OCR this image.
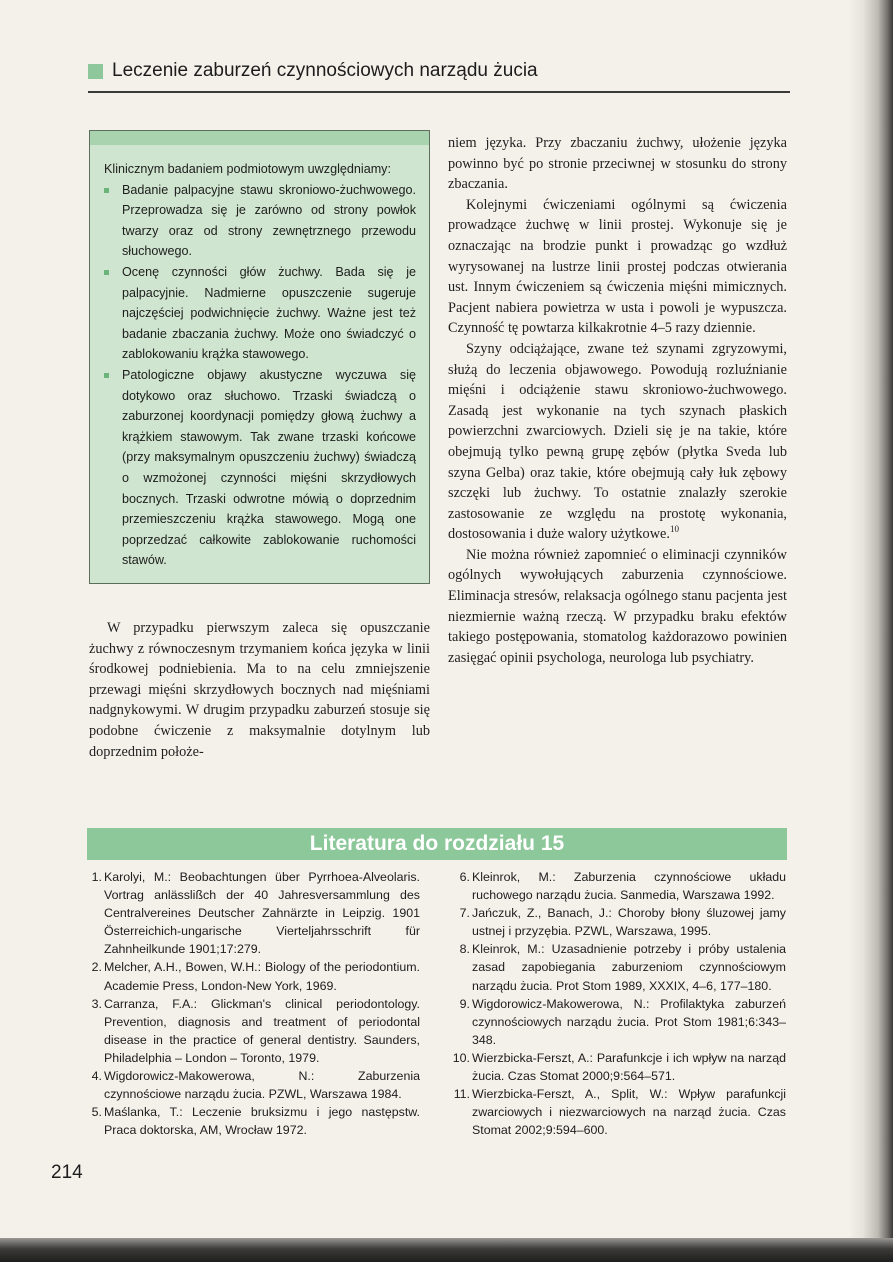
Leczenie zaburzeń czynnościowych narządu żucia

Klinicznym badaniem podmiotowym uwzględniamy:

Badanie palpacyjne stawu skroniowo-żuchwowego. Przeprowadza się je zarówno od strony powłok twarzy oraz od strony zewnętrznego przewodu słuchowego.
Ocenę czynności głów żuchwy. Bada się je palpacyjnie. Nadmierne opuszczenie sugeruje najczęściej podwichnięcie żuchwy. Ważne jest też badanie zbaczania żuchwy. Może ono świadczyć o zablokowaniu krążka stawowego.
Patologiczne objawy akustyczne wyczuwa się dotykowo oraz słuchowo. Trzaski świadczą o zaburzonej koordynacji pomiędzy głową żuchwy a krążkiem stawowym. Tak zwane trzaski końcowe (przy maksymalnym opuszczeniu żuchwy) świadczą o wzmożonej czynności mięśni skrzydłowych bocznych. Trzaski odwrotne mówią o doprzednim przemieszczeniu krążka stawowego. Mogą one poprzedzać całkowite zablokowanie ruchomości stawów.

W przypadku pierwszym zaleca się opuszczanie żuchwy z równoczesnym trzymaniem końca języka w linii środkowej podniebienia. Ma to na celu zmniejszenie przewagi mięśni skrzydłowych bocznych nad mięśniami nadgnykowymi. W drugim przypadku zaburzeń stosuje się podobne ćwiczenie z maksymalnie dotylnym lub doprzednim położe-

niem języka. Przy zbaczaniu żuchwy, ułożenie języka powinno być po stronie przeciwnej w stosunku do strony zbaczania.

Kolejnymi ćwiczeniami ogólnymi są ćwiczenia prowadzące żuchwę w linii prostej. Wykonuje się je oznaczając na brodzie punkt i prowadząc go wzdłuż wyrysowanej na lustrze linii prostej podczas otwierania ust. Innym ćwiczeniem są ćwiczenia mięśni mimicznych. Pacjent nabiera powietrza w usta i powoli je wypuszcza. Czynność tę powtarza kilkakrotnie 4–5 razy dziennie.

Szyny odciążające, zwane też szynami zgryzowymi, służą do leczenia objawowego. Powodują rozluźnianie mięśni i odciążenie stawu skroniowo-żuchwowego. Zasadą jest wykonanie na tych szynach płaskich powierzchni zwarciowych. Dzieli się je na takie, które obejmują tylko pewną grupę zębów (płytka Sveda lub szyna Gelba) oraz takie, które obejmują cały łuk zębowy szczęki lub żuchwy. To ostatnie znalazły szerokie zastosowanie ze względu na prostotę wykonania, dostosowania i duże walory użytkowe.$^{10}$

Nie można również zapomnieć o eliminacji czynników ogólnych wywołujących zaburzenia czynnościowe. Eliminacja stresów, relaksacja ogólnego stanu pacjenta jest niezmiernie ważną rzeczą. W przypadku braku efektów takiego postępowania, stomatolog każdorazowo powinien zasięgać opinii psychologa, neurologa lub psychiatry.

Literatura do rozdziału 15
1. Karolyi, M.: Beobachtungen über Pyrrhoea-Alveolaris. Vortrag anlässlißch der 40 Jahresversammlung des Centralvereines Deutscher Zahnärzte in Leipzig. 1901 Österreichich-ungarische Vierteljahrsschrift für Zahnheilkunde 1901;17:279.
2. Melcher, A.H., Bowen, W.H.: Biology of the periodontium. Academie Press, London-New York, 1969.
3. Carranza, F.A.: Glickman's clinical periodontology. Prevention, diagnosis and treatment of periodontal disease in the practice of general dentistry. Saunders, Philadelphia – London – Toronto, 1979.
4. Wigdorowicz-Makowerowa, N.: Zaburzenia czynnościowe narządu żucia. PZWL, Warszawa 1984.
5. Maślanka, T.: Leczenie bruksizmu i jego następstw. Praca doktorska, AM, Wrocław 1972.
6. Kleinrok, M.: Zaburzenia czynnościowe układu ruchowego narządu żucia. Sanmedia, Warszawa 1992.
7. Jańczuk, Z., Banach, J.: Choroby błony śluzowej jamy ustnej i przyzębia. PZWL, Warszawa, 1995.
8. Kleinrok, M.: Uzasadnienie potrzeby i próby ustalenia zasad zapobiegania zaburzeniom czynnościowym narządu żucia. Prot Stom 1989, XXXIX, 4–6, 177–180.
9. Wigdorowicz-Makowerowa, N.: Profilaktyka zaburzeń czynnościowych narządu żucia. Prot Stom 1981;6:343–348.
10. Wierzbicka-Ferszt, A.: Parafunkcje i ich wpływ na narząd żucia. Czas Stomat 2000;9:564–571.
11. Wierzbicka-Ferszt, A., Split, W.: Wpływ parafunkcji zwarciowych i niezwarciowych na narząd żucia. Czas Stomat 2002;9:594–600.
214
